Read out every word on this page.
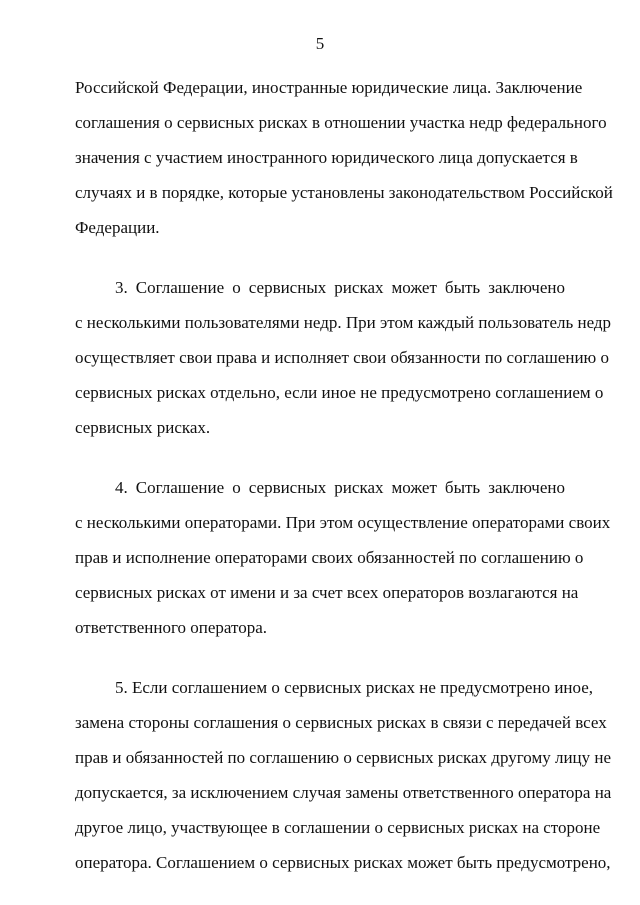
5
Российской Федерации, иностранные юридические лица. Заключение
соглашения о сервисных рисках в отношении участка недр федерального
значения с участием иностранного юридического лица допускается в
случаях и в порядке, которые установлены законодательством Российской
Федерации.
3. Соглашение о сервисных рисках может быть заключено
с несколькими пользователями недр. При этом каждый пользователь недр
осуществляет свои права и исполняет свои обязанности по соглашению о
сервисных рисках отдельно, если иное не предусмотрено соглашением о
сервисных рисках.
4. Соглашение о сервисных рисках может быть заключено
с несколькими операторами. При этом осуществление операторами своих
прав и исполнение операторами своих обязанностей по соглашению о
сервисных рисках от имени и за счет всех операторов возлагаются на
ответственного оператора.
5. Если соглашением о сервисных рисках не предусмотрено иное,
замена стороны соглашения о сервисных рисках в связи с передачей всех
прав и обязанностей по соглашению о сервисных рисках другому лицу не
допускается, за исключением случая замены ответственного оператора на
другое лицо, участвующее в соглашении о сервисных рисках на стороне
оператора. Соглашением о сервисных рисках может быть предусмотрено,
